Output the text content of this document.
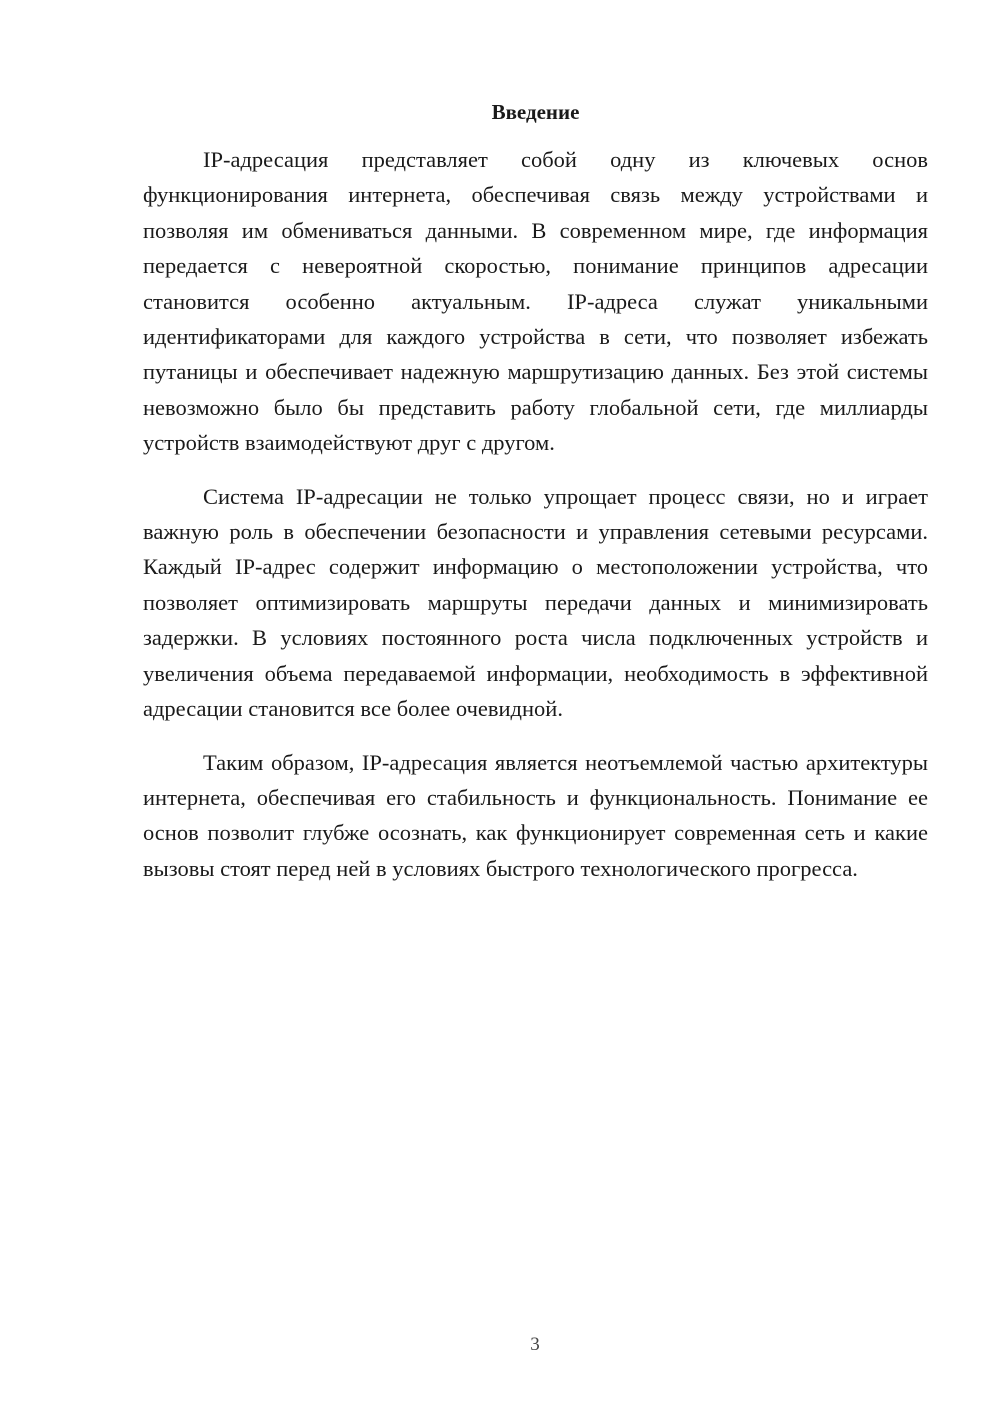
Введение

IP-адресация представляет собой одну из ключевых основ функционирования интернета, обеспечивая связь между устройствами и позволяя им обмениваться данными. В современном мире, где информация передается с невероятной скоростью, понимание принципов адресации становится особенно актуальным. IP-адреса служат уникальными идентификаторами для каждого устройства в сети, что позволяет избежать путаницы и обеспечивает надежную маршрутизацию данных. Без этой системы невозможно было бы представить работу глобальной сети, где миллиарды устройств взаимодействуют друг с другом.

Система IP-адресации не только упрощает процесс связи, но и играет важную роль в обеспечении безопасности и управления сетевыми ресурсами. Каждый IP-адрес содержит информацию о местоположении устройства, что позволяет оптимизировать маршруты передачи данных и минимизировать задержки. В условиях постоянного роста числа подключенных устройств и увеличения объема передаваемой информации, необходимость в эффективной адресации становится все более очевидной.

Таким образом, IP-адресация является неотъемлемой частью архитектуры интернета, обеспечивая его стабильность и функциональность. Понимание ее основ позволит глубже осознать, как функционирует современная сеть и какие вызовы стоят перед ней в условиях быстрого технологического прогресса.

3
